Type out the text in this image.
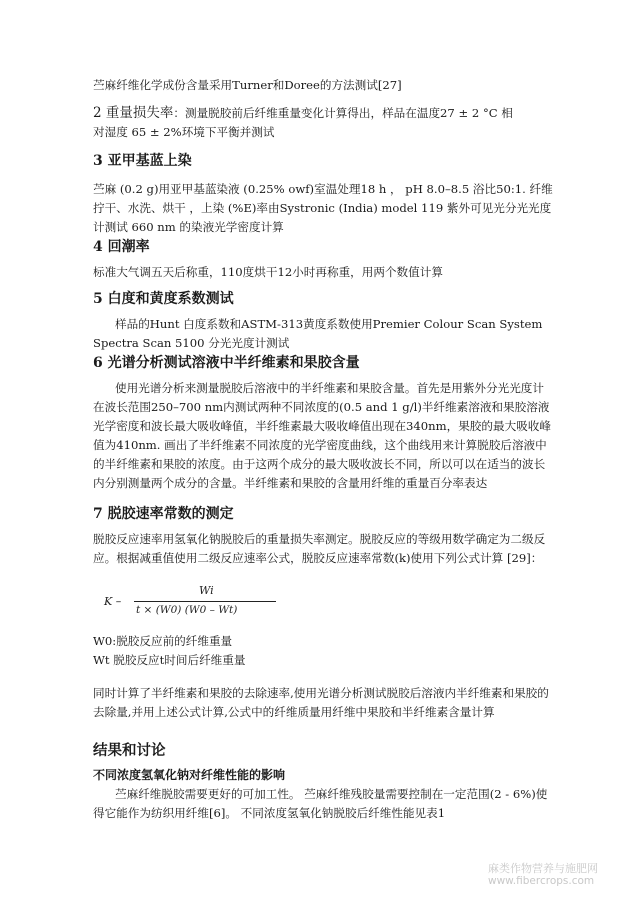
苎麻纤维化学成份含量采用Turner和Doree的方法测试[27]

2 重量损失率：测量脱胶前后纤维重量变化计算得出，样品在温度27 ± 2 °C 相
对湿度 65 ± 2%环境下平衡并测试

3 亚甲基蓝上染

苎麻 (0.2 g)用亚甲基蓝染液 (0.25% owf)室温处理18 h ， pH 8.0–8.5 浴比50:1. 纤维拧干、水洗、烘干 ，上染 (%E)率由Systronic (India) model 119 紫外可见光分光光度计测试 660 nm 的染液光学密度计算

4 回潮率

标准大气调五天后称重，110度烘干12小时再称重，用两个数值计算

5 白度和黄度系数测试

样品的Hunt 白度系数和ASTM-313黄度系数使用Premier Colour Scan System Spectra Scan 5100 分光光度计测试

6 光谱分析测试溶液中半纤维素和果胶含量

使用光谱分析来测量脱胶后溶液中的半纤维素和果胶含量。首先是用紫外分光光度计在波长范围250–700 nm内测试两种不同浓度的(0.5 and 1 g/l)半纤维素溶液和果胶溶液光学密度和波长最大吸收峰值，半纤维素最大吸收峰值出现在340nm，果胶的最大吸收峰值为410nm. 画出了半纤维素不同浓度的光学密度曲线，这个曲线用来计算脱胶后溶液中的半纤维素和果胶的浓度。由于这两个成分的最大吸收波长不同，所以可以在适当的波长内分别测量两个成分的含量。半纤维素和果胶的含量用纤维的重量百分率表达

7 脱胶速率常数的测定

脱胶反应速率用氢氧化钠脱胶后的重量损失率测定。脱胶反应的等级用数学确定为二级反应。根据减重值使用二级反应速率公式，脱胶反应速率常数(k)使用下列公式计算 [29]：

K –
Wi
t × (W0) (W0 – Wt)

W0:脱胶反应前的纤维重量

Wt 脱胶反应t时间后纤维重量

同时计算了半纤维素和果胶的去除速率,使用光谱分析测试脱胶后溶液内半纤维素和果胶的去除量,并用上述公式计算,公式中的纤维质量用纤维中果胶和半纤维素含量计算

结果和讨论
不同浓度氢氧化钠对纤维性能的影响

苎麻纤维脱胶需要更好的可加工性。 苎麻纤维残胶量需要控制在一定范围(2 - 6%)使得它能作为纺织用纤维[6]。 不同浓度氢氧化钠脱胶后纤维性能见表1

麻类作物营养与施肥网
www.fibercrops.com
